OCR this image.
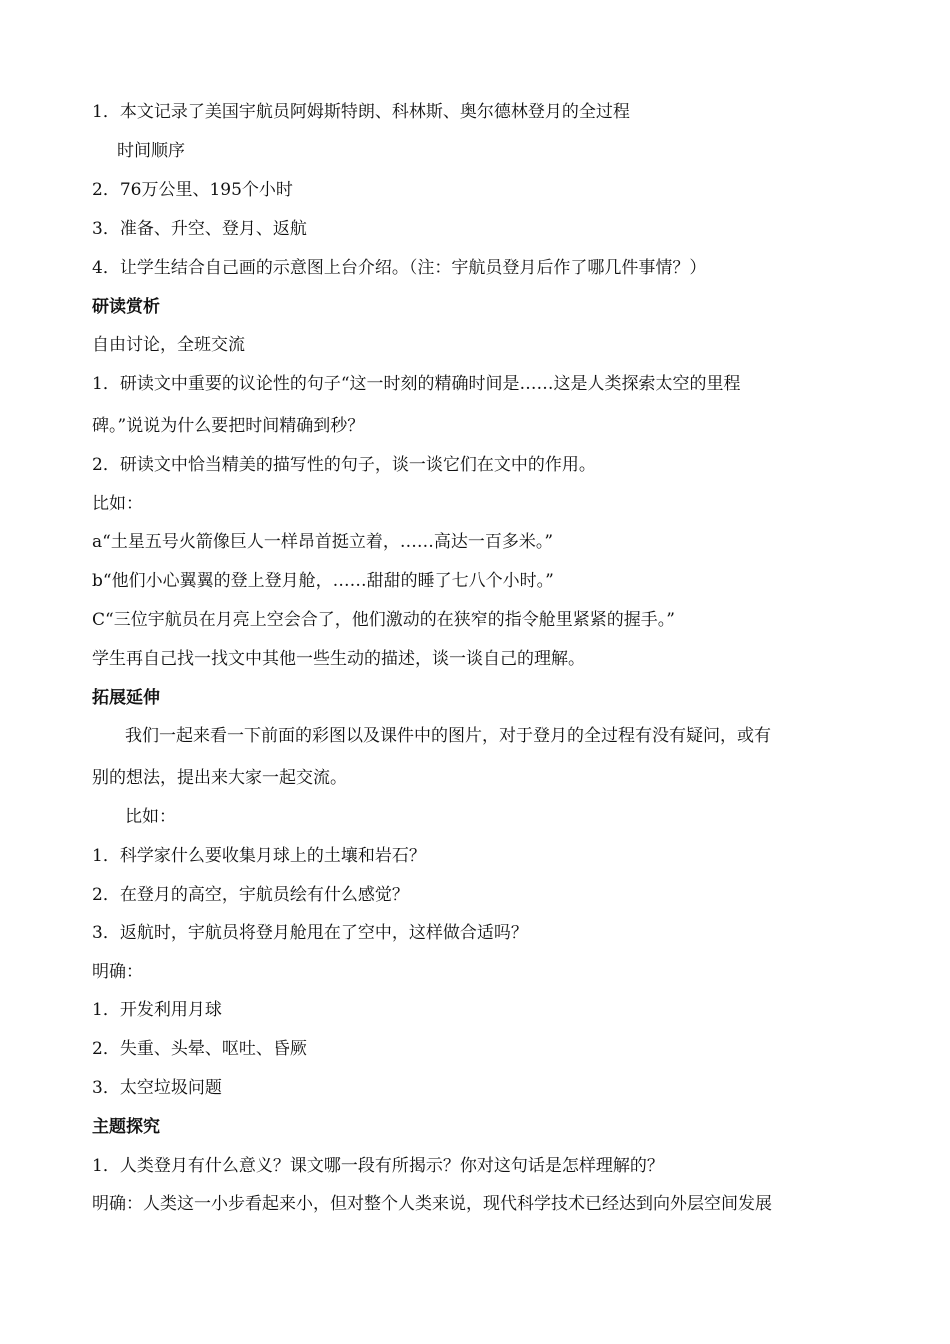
1．本文记录了美国宇航员阿姆斯特朗、科林斯、奥尔德林登月的全过程
时间顺序
2．76万公里、195个小时
3．准备、升空、登月、返航
4．让学生结合自己画的示意图上台介绍。（注：宇航员登月后作了哪几件事情？）
研读赏析
自由讨论，全班交流
1．研读文中重要的议论性的句子“这一时刻的精确时间是……这是人类探索太空的里程
碑。”说说为什么要把时间精确到秒？
2．研读文中恰当精美的描写性的句子，谈一谈它们在文中的作用。
比如：
a“土星五号火箭像巨人一样昂首挺立着，……高达一百多米。”
b“他们小心翼翼的登上登月舱，……甜甜的睡了七八个小时。”
C“三位宇航员在月亮上空会合了，他们激动的在狭窄的指令舱里紧紧的握手。”
学生再自己找一找文中其他一些生动的描述，谈一谈自己的理解。
拓展延伸
我们一起来看一下前面的彩图以及课件中的图片，对于登月的全过程有没有疑问，或有
别的想法，提出来大家一起交流。
比如：
1．科学家什么要收集月球上的土壤和岩石？
2．在登月的高空，宇航员绘有什么感觉？
3．返航时，宇航员将登月舱甩在了空中，这样做合适吗？
明确：
1．开发利用月球
2．失重、头晕、呕吐、昏厥
3．太空垃圾问题
主题探究
1．人类登月有什么意义？课文哪一段有所揭示？你对这句话是怎样理解的？
明确：人类这一小步看起来小，但对整个人类来说，现代科学技术已经达到向外层空间发展
